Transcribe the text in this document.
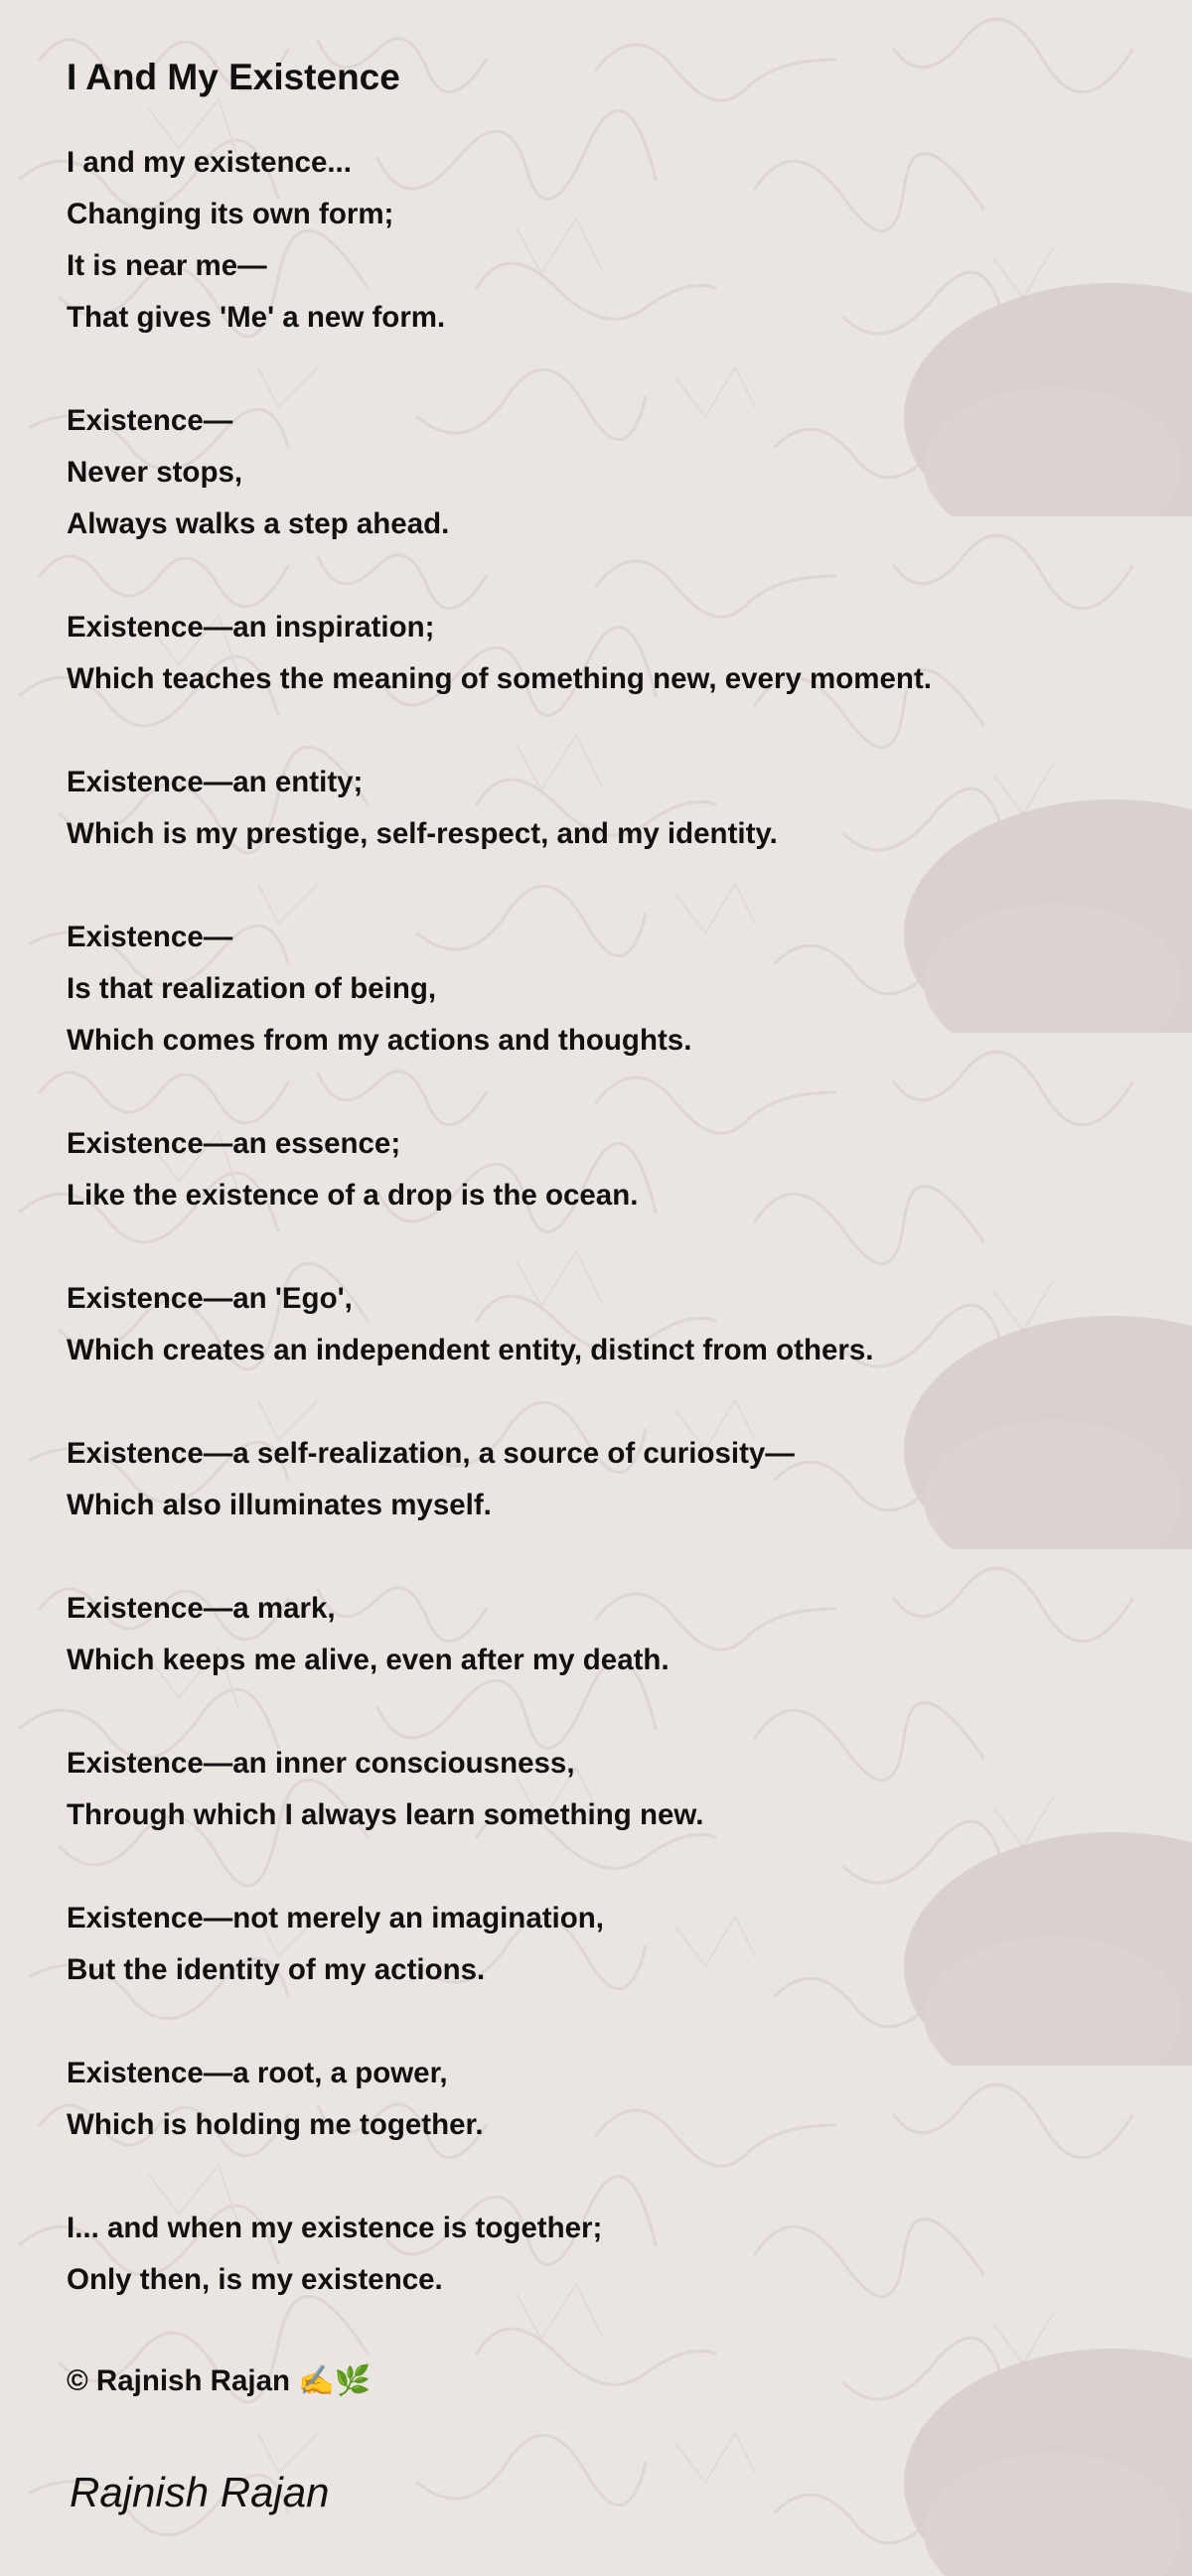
I And My Existence
I and my existence...
Changing its own form;
It is near me—
That gives 'Me' a new form.
Existence—
Never stops,
Always walks a step ahead.
Existence—an inspiration;
Which teaches the meaning of something new, every moment.
Existence—an entity;
Which is my prestige, self-respect, and my identity.
Existence—
Is that realization of being,
Which comes from my actions and thoughts.
Existence—an essence;
Like the existence of a drop is the ocean.
Existence—an 'Ego',
Which creates an independent entity, distinct from others.
Existence—a self-realization, a source of curiosity—
Which also illuminates myself.
Existence—a mark,
Which keeps me alive, even after my death.
Existence—an inner consciousness,
Through which I always learn something new.
Existence—not merely an imagination,
But the identity of my actions.
Existence—a root, a power,
Which is holding me together.
I... and when my existence is together;
Only then, is my existence.
© Rajnish Rajan ✍️🌿
Rajnish Rajan
